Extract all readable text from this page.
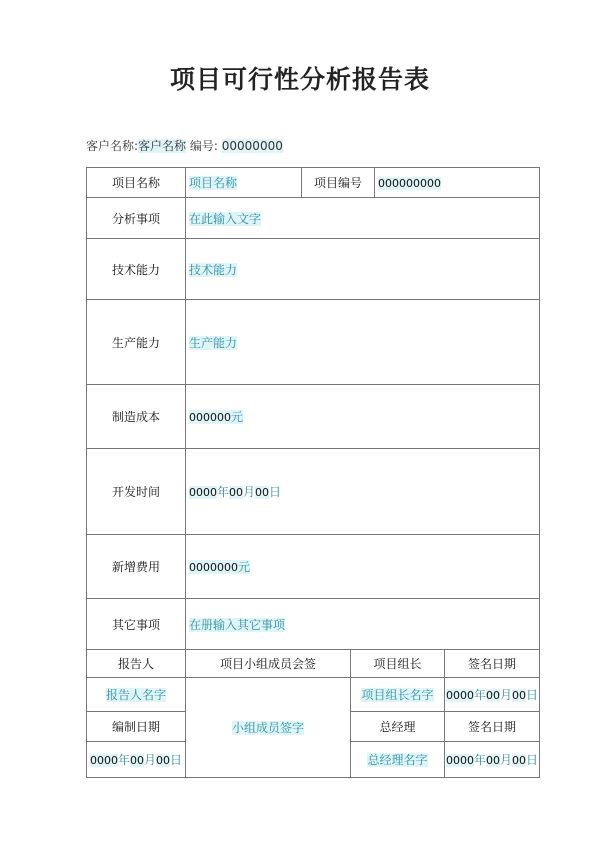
项目可行性分析报告表
客户名称:客户名称 编号: 00000000
项目名称	项目名称	项目编号	000000000
分析事项	在此输入文字		
技术能力	技术能力		
生产能力	生产能力		
制造成本	000000元		
开发时间	0000年00月00日		
新增费用	0000000元		
其它事项	在册输入其它事项		
报告人	项目小组成员会签	项目组长	签名日期
报告人名字	小组成员签字	项目组长名字	0000年00月00日
编制日期		总经理	签名日期
0000年00月00日		总经理名字	0000年00月00日
